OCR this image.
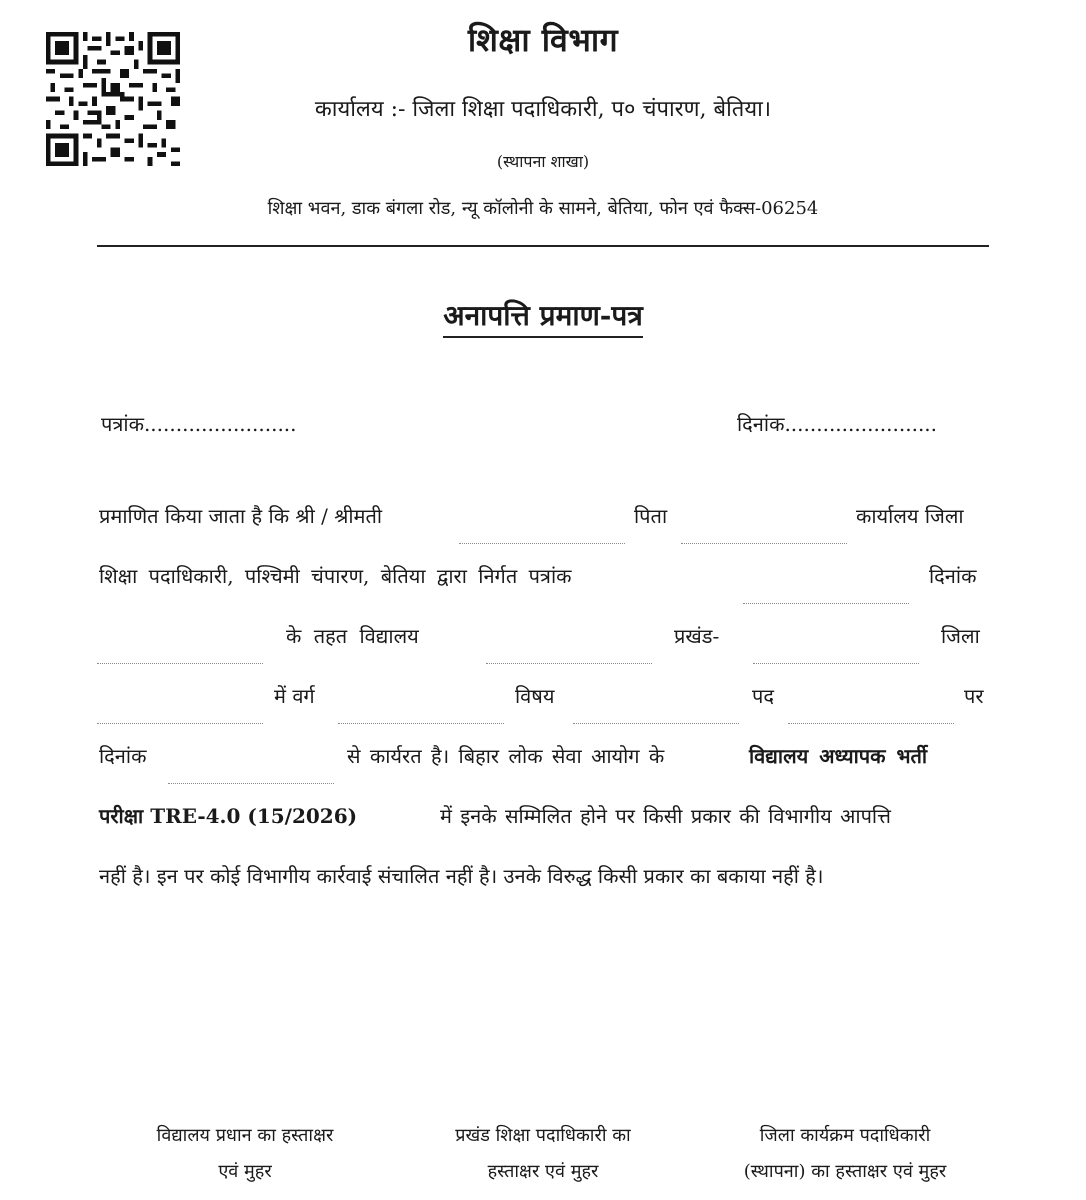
शिक्षा विभाग
कार्यालय :- जिला शिक्षा पदाधिकारी, प० चंपारण, बेतिया।
(स्थापना शाखा)
शिक्षा भवन, डाक बंगला रोड, न्यू कॉलोनी के सामने, बेतिया, फोन एवं फैक्स-06254
अनापत्ति प्रमाण-पत्र
पत्रांक........................	दिनांक........................
प्रमाणित किया जाता है कि श्री / श्रीमती	पिता	कार्यालय जिला
शिक्षा पदाधिकारी, पश्चिमी चंपारण, बेतिया द्वारा निर्गत पत्रांक	दिनांक
के तहत विद्यालय	प्रखंड-	जिला
में वर्ग	विषय	पद	पर
दिनांक	से कार्यरत है। बिहार लोक सेवा आयोग के	विद्यालय अध्यापक भर्ती
परीक्षा TRE-4.0 (15/2026)	में इनके सम्मिलित होने पर किसी प्रकार की विभागीय आपत्ति
नहीं है। इन पर कोई विभागीय कार्रवाई संचालित नहीं है। उनके विरुद्ध किसी प्रकार का बकाया नहीं है।
विद्यालय प्रधान का हस्ताक्षर
एवं मुहर
प्रखंड शिक्षा पदाधिकारी का
हस्ताक्षर एवं मुहर
जिला कार्यक्रम पदाधिकारी
(स्थापना) का हस्ताक्षर एवं मुहर
